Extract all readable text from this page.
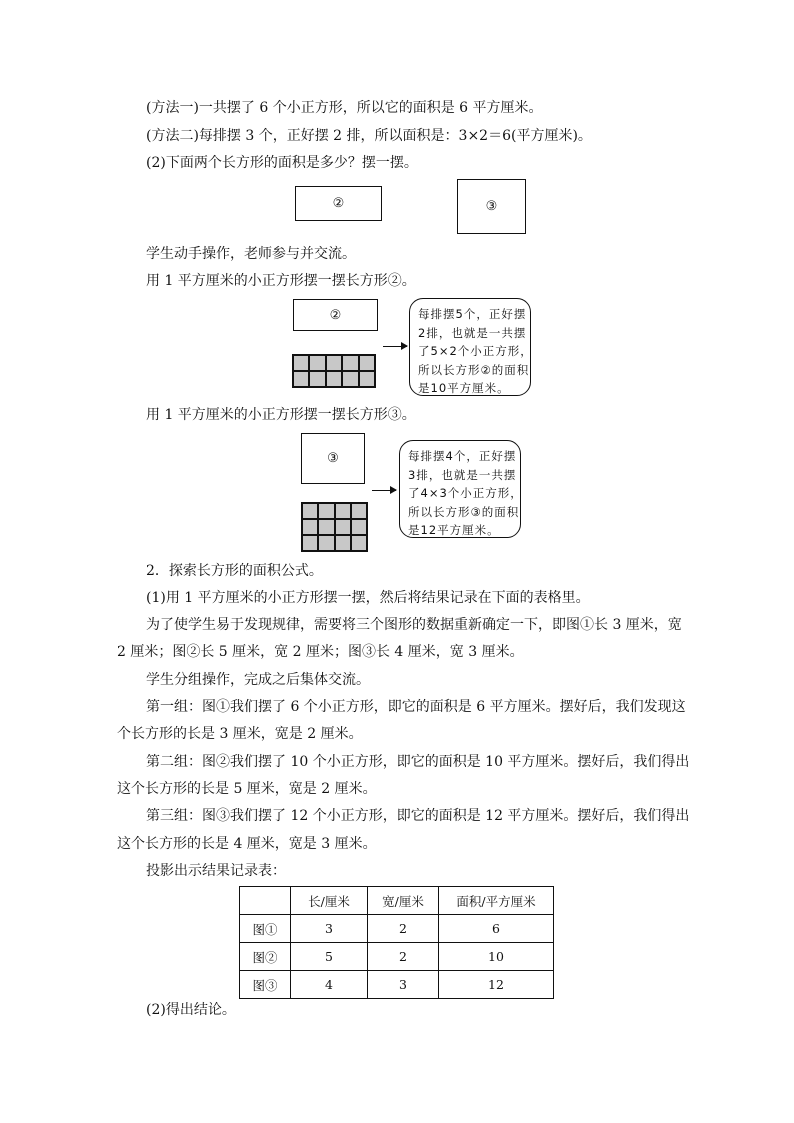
(方法一)一共摆了 6 个小正方形，所以它的面积是 6 平方厘米。
(方法二)每排摆 3 个，正好摆 2 排，所以面积是：3×2＝6(平方厘米)。
(2)下面两个长方形的面积是多少？摆一摆。
②	③
学生动手操作，老师参与并交流。
用 1 平方厘米的小正方形摆一摆长方形②。
②	每排摆5个，正好摆
2排，也就是一共摆
了5×2个小正方形，
所以长方形②的面积
是10平方厘米。
用 1 平方厘米的小正方形摆一摆长方形③。
③	每排摆4个，正好摆
3排，也就是一共摆
了4×3个小正方形，
所以长方形③的面积
是12平方厘米。
2．探索长方形的面积公式。
(1)用 1 平方厘米的小正方形摆一摆，然后将结果记录在下面的表格里。
为了使学生易于发现规律，需要将三个图形的数据重新确定一下，即图①长 3 厘米，宽
2 厘米；图②长 5 厘米，宽 2 厘米；图③长 4 厘米，宽 3 厘米。
学生分组操作，完成之后集体交流。
第一组：图①我们摆了 6 个小正方形，即它的面积是 6 平方厘米。摆好后，我们发现这
个长方形的长是 3 厘米，宽是 2 厘米。
第二组：图②我们摆了 10 个小正方形，即它的面积是 10 平方厘米。摆好后，我们得出
这个长方形的长是 5 厘米，宽是 2 厘米。
第三组：图③我们摆了 12 个小正方形，即它的面积是 12 平方厘米。摆好后，我们得出
这个长方形的长是 4 厘米，宽是 3 厘米。
投影出示结果记录表：
	长/厘米	宽/厘米	面积/平方厘米
图①	3	2	6
图②	5	2	10
图③	4	3	12
(2)得出结论。
